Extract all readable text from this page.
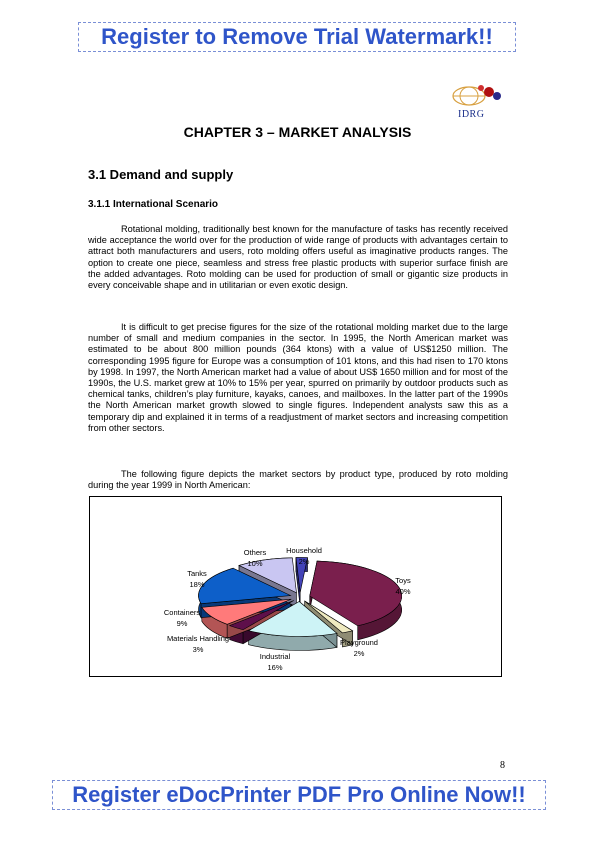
Register to Remove Trial Watermark!!
IDRG
CHAPTER 3 – MARKET ANALYSIS
3.1 Demand and supply
3.1.1 International Scenario
Rotational molding, traditionally best known for the manufacture of tasks has recently received wide acceptance the world over for the production of wide range of products with advantages certain to attract both manufacturers and users, roto molding offers useful as imaginative products ranges. The option to create one piece, seamless and stress free plastic products with superior surface finish are the added advantages. Roto molding can be used for production of small or gigantic size products in every conceivable shape and in utilitarian or even exotic design.
It is difficult to get precise figures for the size of the rotational molding market due to the large number of small and medium companies in the sector. In 1995, the North American market was estimated to be about 800 million pounds (364 ktons) with a value of US$1250 million. The corresponding 1995 figure for Europe was a consumption of 101 ktons, and this had risen to 170 ktons by 1998. In 1997, the North American market had a value of about US$ 1650 million and for most of the 1990s, the U.S. market grew at 10% to 15% per year, spurred on primarily by outdoor products such as chemical tanks, children’s play furniture, kayaks, canoes, and mailboxes. In the latter part of the 1990s the North American market growth slowed to single figures. Independent analysts saw this as a temporary dip and explained it in terms of a readjustment of market sectors and increasing competition from other sectors.
The following figure depicts the market sectors by product type, produced by roto molding during the year 1999 in North American:
Toys
40%
Playground
2%
Industrial
16%
Materials Handling
3%
Containers
9%
Tanks
18%
Others
10%
Household
2%
8
Register eDocPrinter PDF Pro Online Now!!
